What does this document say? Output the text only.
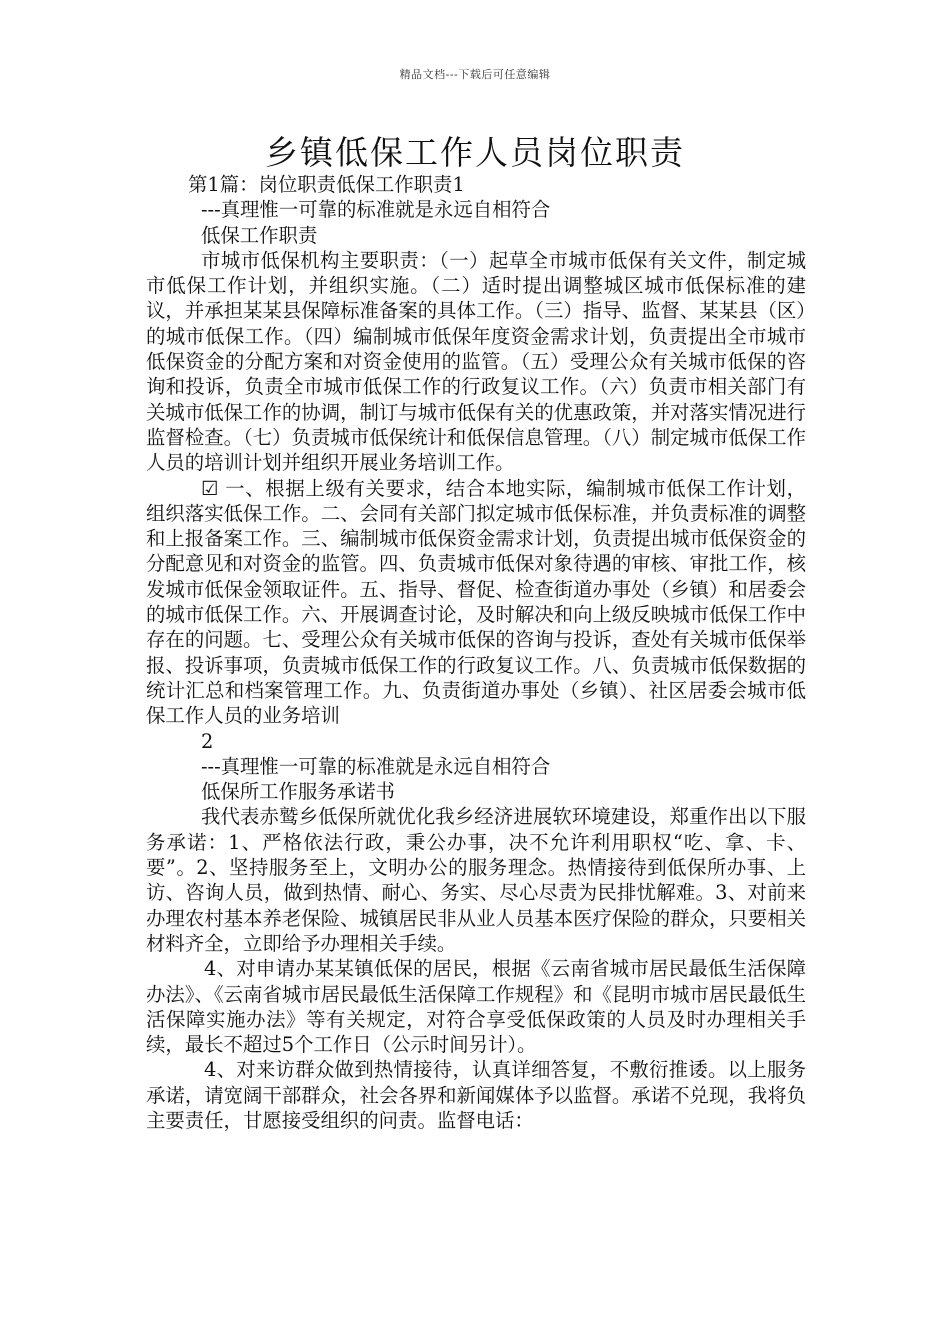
精品文档---下载后可任意编辑
乡镇低保工作人员岗位职责

第1篇：岗位职责低保工作职责1

---真理惟一可靠的标准就是永远自相符合

低保工作职责

市城市低保机构主要职责：（一）起草全市城市低保有关文件，制定城市低保工作计划，并组织实施。（二）适时提出调整城区城市低保标准的建议，并承担某某县保障标准备案的具体工作。（三）指导、监督、某某县（区）的城市低保工作。（四）编制城市低保年度资金需求计划，负责提出全市城市低保资金的分配方案和对资金使用的监管。（五）受理公众有关城市低保的咨询和投诉，负责全市城市低保工作的行政复议工作。（六）负责市相关部门有关城市低保工作的协调，制订与城市低保有关的优惠政策，并对落实情况进行监督检查。（七）负责城市低保统计和低保信息管理。（八）制定城市低保工作人员的培训计划并组织开展业务培训工作。

☑ 一、根据上级有关要求，结合本地实际，编制城市低保工作计划，组织落实低保工作。二、会同有关部门拟定城市低保标准，并负责标准的调整和上报备案工作。三、编制城市低保资金需求计划，负责提出城市低保资金的分配意见和对资金的监管。四、负责城市低保对象待遇的审核、审批工作，核发城市低保金领取证件。五、指导、督促、检查街道办事处（乡镇）和居委会的城市低保工作。六、开展调查讨论，及时解决和向上级反映城市低保工作中存在的问题。七、受理公众有关城市低保的咨询与投诉，查处有关城市低保举报、投诉事项，负责城市低保工作的行政复议工作。八、负责城市低保数据的统计汇总和档案管理工作。九、负责街道办事处（乡镇）、社区居委会城市低保工作人员的业务培训

2

---真理惟一可靠的标准就是永远自相符合

低保所工作服务承诺书

我代表赤鹫乡低保所就优化我乡经济进展软环境建设，郑重作出以下服务承诺：1、严格依法行政，秉公办事，决不允许利用职权“吃、拿、卡、要”。2、坚持服务至上，文明办公的服务理念。热情接待到低保所办事、上访、咨询人员，做到热情、耐心、务实、尽心尽责为民排忧解难。3、对前来办理农村基本养老保险、城镇居民非从业人员基本医疗保险的群众，只要相关材料齐全，立即给予办理相关手续。

4、对申请办某某镇低保的居民，根据《云南省城市居民最低生活保障办法》、《云南省城市居民最低生活保障工作规程》和《昆明市城市居民最低生活保障实施办法》等有关规定，对符合享受低保政策的人员及时办理相关手续，最长不超过5个工作日（公示时间另计）。

4、对来访群众做到热情接待，认真详细答复，不敷衍推诿。以上服务承诺，请宽阔干部群众，社会各界和新闻媒体予以监督。承诺不兑现，我将负主要责任，甘愿接受组织的问责。监督电话：
